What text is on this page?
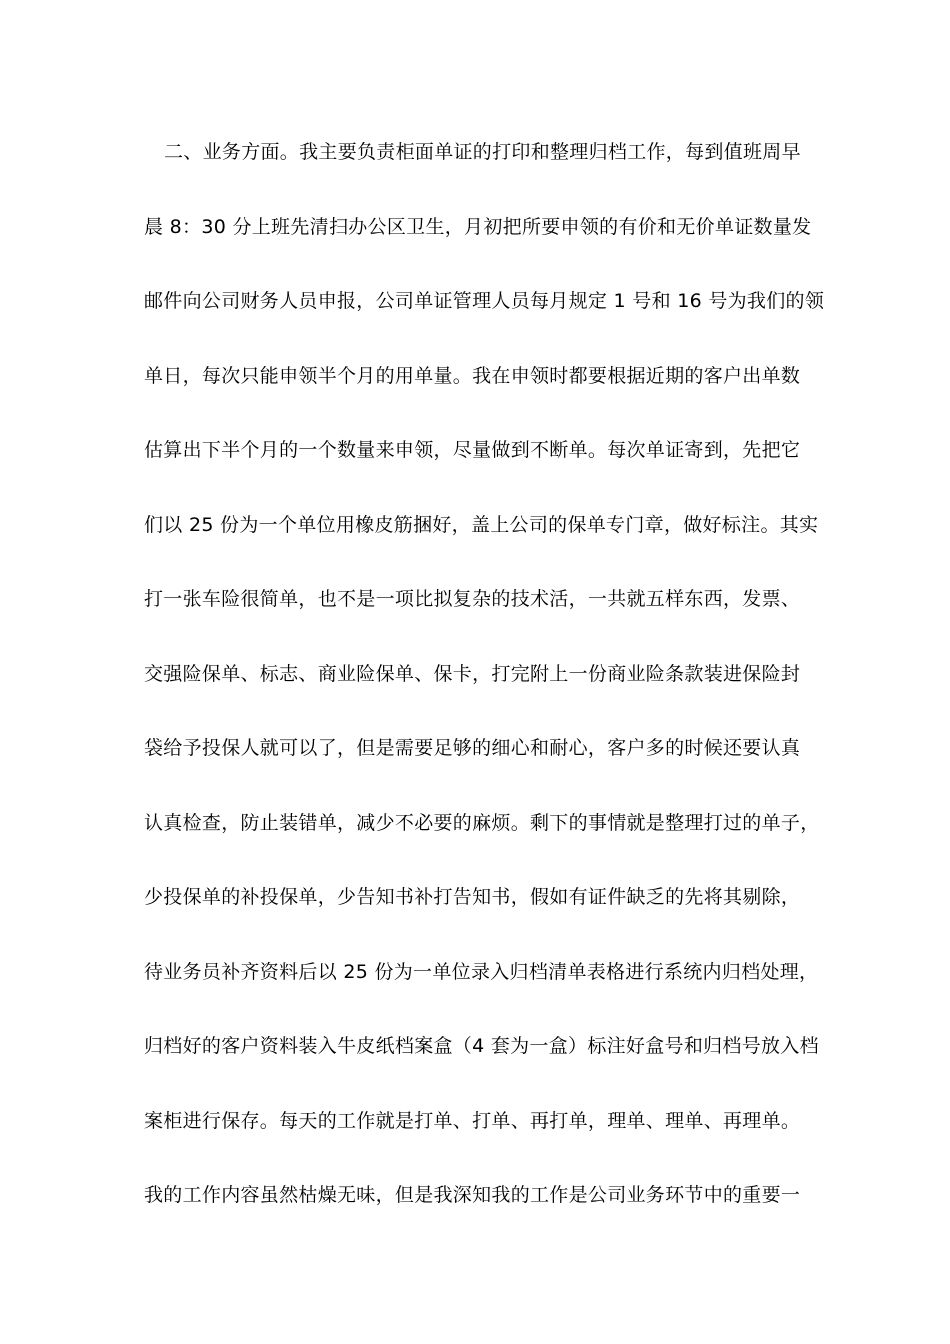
二、业务方面。我主要负责柜面单证的打印和整理归档工作，每到值班周早
晨 8：30 分上班先清扫办公区卫生，月初把所要申领的有价和无价单证数量发
邮件向公司财务人员申报，公司单证管理人员每月规定 1 号和 16 号为我们的领
单日，每次只能申领半个月的用单量。我在申领时都要根据近期的客户出单数
估算出下半个月的一个数量来申领，尽量做到不断单。每次单证寄到，先把它
们以 25 份为一个单位用橡皮筋捆好，盖上公司的保单专门章，做好标注。其实
打一张车险很简单，也不是一项比拟复杂的技术活，一共就五样东西，发票、
交强险保单、标志、商业险保单、保卡，打完附上一份商业险条款装进保险封
袋给予投保人就可以了，但是需要足够的细心和耐心，客户多的时候还要认真
认真检查，防止装错单，减少不必要的麻烦。剩下的事情就是整理打过的单子，
少投保单的补投保单，少告知书补打告知书，假如有证件缺乏的先将其剔除，
待业务员补齐资料后以 25 份为一单位录入归档清单表格进行系统内归档处理，
归档好的客户资料装入牛皮纸档案盒（4 套为一盒）标注好盒号和归档号放入档
案柜进行保存。每天的工作就是打单、打单、再打单，理单、理单、再理单。
我的工作内容虽然枯燥无味，但是我深知我的工作是公司业务环节中的重要一
